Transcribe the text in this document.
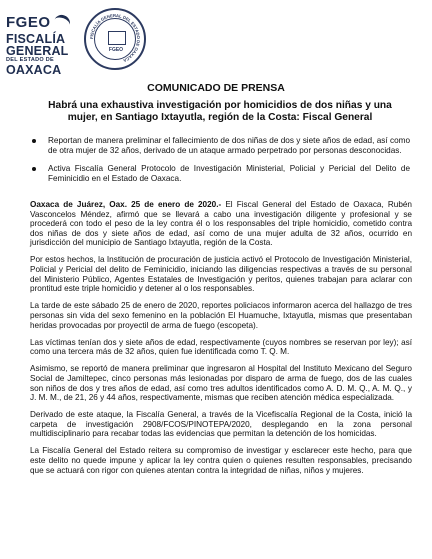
FGEO
FISCALÍA
GENERAL
DEL ESTADO DE
OAXACA
FISCALÍA GENERAL DEL ESTADO DE OAXACA
FGEO
COMUNICADO DE PRENSA
Habrá una exhaustiva investigación por homicidios de dos niñas y una mujer, en Santiago Ixtayutla, región de la Costa: Fiscal General
Reportan de manera preliminar el fallecimiento de dos niñas de dos y siete años de edad, así como de otra mujer de 32 años, derivado de un ataque armado perpetrado por personas desconocidas.
Activa Fiscalía General Protocolo de Investigación Ministerial, Policial y Pericial del Delito de Feminicidio en el Estado de Oaxaca.

Oaxaca de Juárez, Oax. 25 de enero de 2020.- El Fiscal General del Estado de Oaxaca, Rubén Vasconcelos Méndez, afirmó que se llevará a cabo una investigación diligente y profesional y se procederá con todo el peso de la ley contra él o los responsables del triple homicidio, cometido contra dos niñas de dos y siete años de edad, así como de una mujer adulta de 32 años, ocurrido en jurisdicción del municipio de Santiago Ixtayutla, región de la Costa.

Por estos hechos, la Institución de procuración de justicia activó el Protocolo de Investigación Ministerial, Policial y Pericial del delito de Feminicidio, iniciando las diligencias respectivas a través de su personal del Ministerio Público, Agentes Estatales de Investigación y peritos, quienes trabajan para aclarar con prontitud este triple homicidio y detener al o los responsables.

La tarde de este sábado 25 de enero de 2020, reportes policiacos informaron acerca del hallazgo de tres personas sin vida del sexo femenino en la población El Huamuche, Ixtayutla, mismas que presentaban heridas provocadas por proyectil de arma de fuego (escopeta).

Las víctimas tenían dos y siete años de edad, respectivamente (cuyos nombres se reservan por ley); así como una tercera más de 32 años, quien fue identificada como T. Q. M.

Asimismo, se reportó de manera preliminar que ingresaron al Hospital del Instituto Mexicano del Seguro Social de Jamiltepec, cinco personas más lesionadas por disparo de arma de fuego, dos de las cuales son niños de dos y tres años de edad, así como tres adultos identificados como A. D. M. Q., A. M. Q., y J. M. M., de 21, 26 y 44 años, respectivamente, mismas que reciben atención médica especializada.

Derivado de este ataque, la Fiscalía General, a través de la Vicefiscalía Regional de la Costa, inició la carpeta de investigación 2908/FCOS/PINOTEPA/2020, desplegando en la zona personal multidisciplinario para recabar todas las evidencias que permitan la detención de los homicidas.

La Fiscalía General del Estado reitera su compromiso de investigar y esclarecer este hecho, para que este delito no quede impune y aplicar la ley contra quien o quienes resulten responsables, precisando que se actuará con rigor con quienes atentan contra la integridad de niñas, niños y mujeres.
